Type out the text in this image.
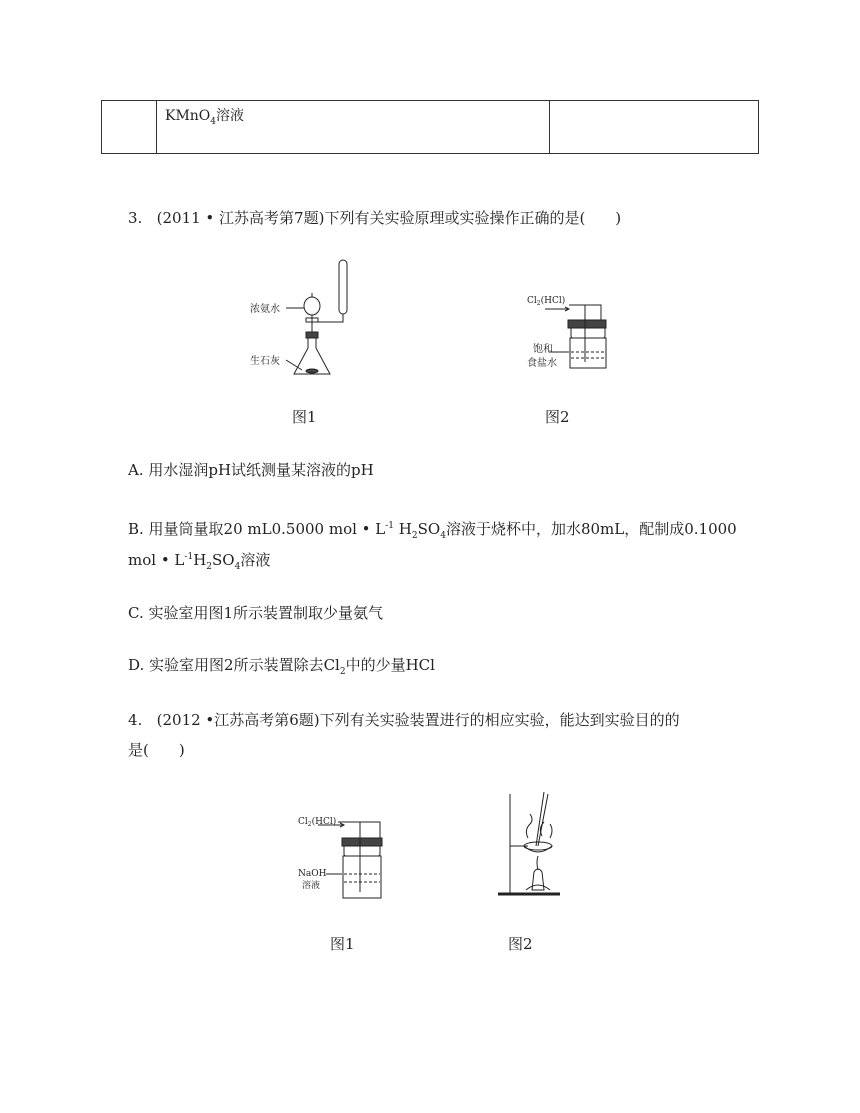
	KMnO$_4$溶液	
3. (2011 • 江苏高考第7题)下列有关实验原理或实验操作正确的是(　　)
浓氨水
生石灰
图1
$Cl_2(HCl)$
饱和
食盐水
图2
A. 用水湿润pH试纸测量某溶液的pH
B. 用量筒量取20 mL0.5000 mol • $L^{-1}$ $H_2SO_4$溶液于烧杯中，加水80mL，配制成0.1000
mol • $L^{-1}H_2SO_4$溶液
C. 实验室用图1所示装置制取少量氨气
D. 实验室用图2所示装置除去$Cl_2$中的少量HCl
4. (2012 •江苏高考第6题)下列有关实验装置进行的相应实验，能达到实验目的的
是(　　)
$Cl_2(HCl)$
NaOH
溶液
图1	图2
